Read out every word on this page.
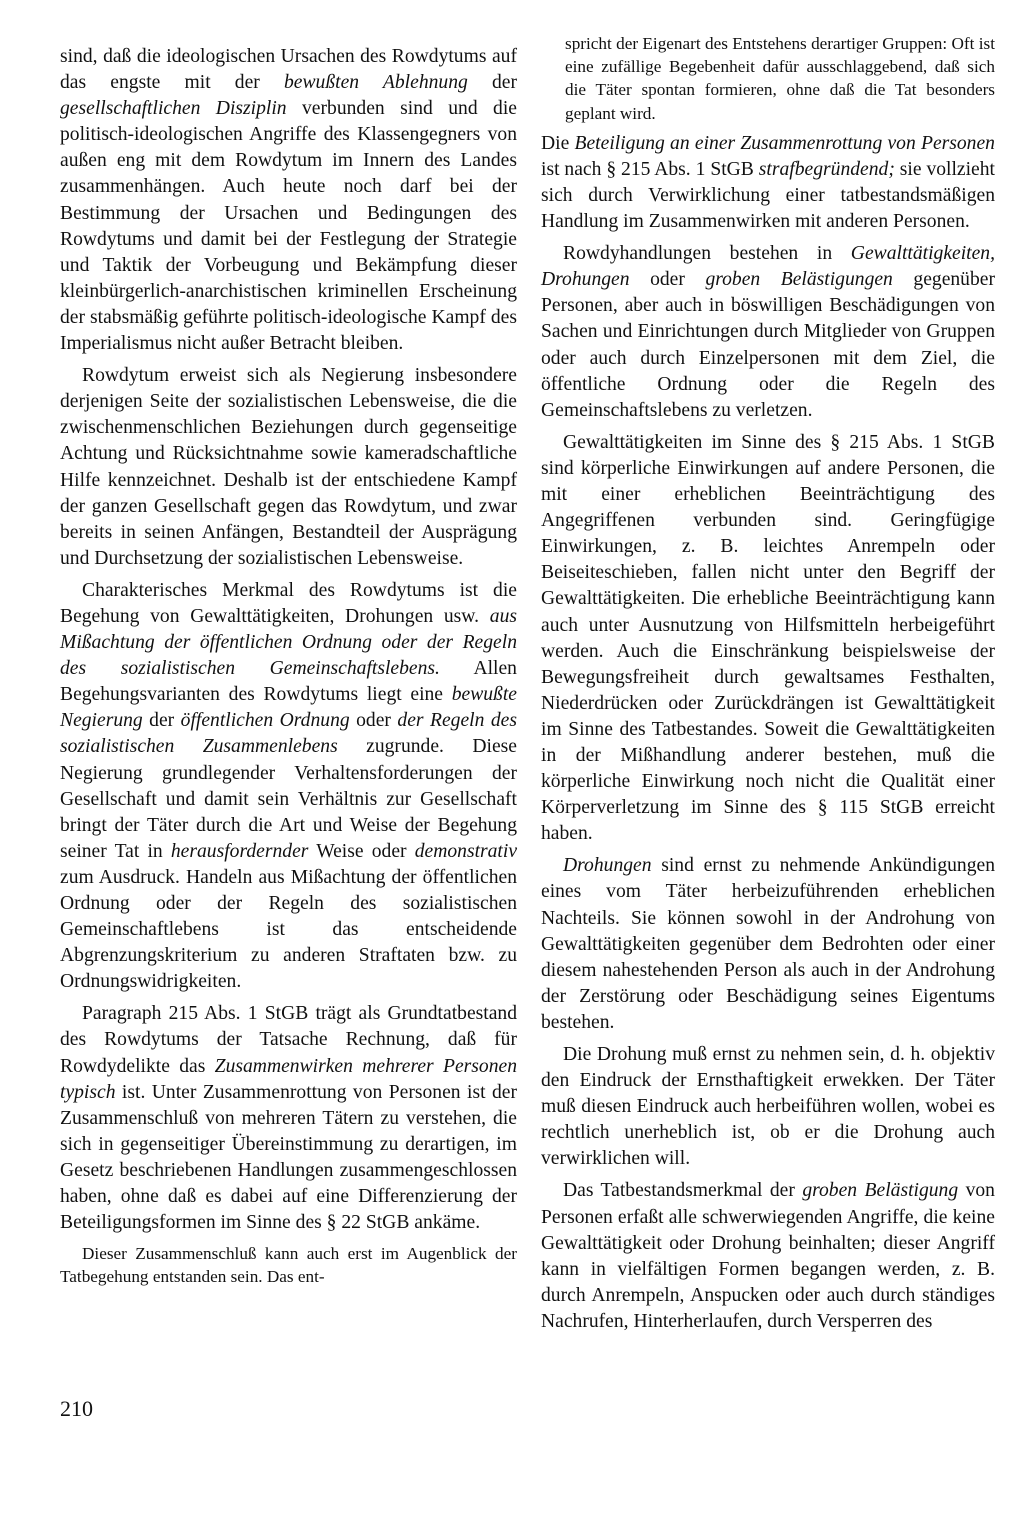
sind, daß die ideologischen Ursachen des Rowdytums auf das engste mit der bewußten Ablehnung der gesellschaftlichen Disziplin verbunden sind und die politisch-ideologischen Angriffe des Klassengegners von außen eng mit dem Rowdytum im Innern des Landes zusammenhängen. Auch heute noch darf bei der Bestimmung der Ursachen und Bedingungen des Rowdytums und damit bei der Festlegung der Strategie und Taktik der Vorbeugung und Bekämpfung dieser kleinbürgerlich-anarchistischen kriminellen Erscheinung der stabsmäßig geführte politisch-ideologische Kampf des Imperialismus nicht außer Betracht bleiben.

Rowdytum erweist sich als Negierung insbesondere derjenigen Seite der sozialistischen Lebensweise, die die zwischenmenschlichen Beziehungen durch gegenseitige Achtung und Rücksichtnahme sowie kameradschaftliche Hilfe kennzeichnet. Deshalb ist der entschiedene Kampf der ganzen Gesellschaft gegen das Rowdytum, und zwar bereits in seinen Anfängen, Bestandteil der Ausprägung und Durchsetzung der sozialistischen Lebensweise.

Charakterisches Merkmal des Rowdytums ist die Begehung von Gewalttätigkeiten, Drohungen usw. aus Mißachtung der öffentlichen Ordnung oder der Regeln des sozialistischen Gemeinschaftslebens. Allen Begehungsvarianten des Rowdytums liegt eine bewußte Negierung der öffentlichen Ordnung oder der Regeln des sozialistischen Zusammenlebens zugrunde. Diese Negierung grundlegender Verhaltensforderungen der Gesellschaft und damit sein Verhältnis zur Gesellschaft bringt der Täter durch die Art und Weise der Begehung seiner Tat in herausfordernder Weise oder demonstrativ zum Ausdruck. Handeln aus Mißachtung der öffentlichen Ordnung oder der Regeln des sozialistischen Gemeinschaftlebens ist das entscheidende Abgrenzungskriterium zu anderen Straftaten bzw. zu Ordnungswidrigkeiten.

Paragraph 215 Abs. 1 StGB trägt als Grundtatbestand des Rowdytums der Tatsache Rechnung, daß für Rowdydelikte das Zusammenwirken mehrerer Personen typisch ist. Unter Zusammenrottung von Personen ist der Zusammenschluß von mehreren Tätern zu verstehen, die sich in gegenseitiger Übereinstimmung zu derartigen, im Gesetz beschriebenen Handlungen zusammengeschlossen haben, ohne daß es dabei auf eine Differenzierung der Beteiligungsformen im Sinne des § 22 StGB ankäme.

Dieser Zusammenschluß kann auch erst im Augenblick der Tatbegehung entstanden sein. Das ent-

spricht der Eigenart des Entstehens derartiger Gruppen: Oft ist eine zufällige Begebenheit dafür ausschlaggebend, daß sich die Täter spontan formieren, ohne daß die Tat besonders geplant wird.

Die Beteiligung an einer Zusammenrottung von Personen ist nach § 215 Abs. 1 StGB strafbegründend; sie vollzieht sich durch Verwirklichung einer tatbestandsmäßigen Handlung im Zusammenwirken mit anderen Personen.

Rowdyhandlungen bestehen in Gewalttätigkeiten, Drohungen oder groben Belästigungen gegenüber Personen, aber auch in böswilligen Beschädigungen von Sachen und Einrichtungen durch Mitglieder von Gruppen oder auch durch Einzelpersonen mit dem Ziel, die öffentliche Ordnung oder die Regeln des Gemeinschaftslebens zu verletzen.

Gewalttätigkeiten im Sinne des § 215 Abs. 1 StGB sind körperliche Einwirkungen auf andere Personen, die mit einer erheblichen Beeinträchtigung des Angegriffenen verbunden sind. Geringfügige Einwirkungen, z. B. leichtes Anrempeln oder Beiseiteschieben, fallen nicht unter den Begriff der Gewalttätigkeiten. Die erhebliche Beeinträchtigung kann auch unter Ausnutzung von Hilfsmitteln herbeigeführt werden. Auch die Einschränkung beispielsweise der Bewegungsfreiheit durch gewaltsames Festhalten, Niederdrücken oder Zurückdrängen ist Gewalttätigkeit im Sinne des Tatbestandes. Soweit die Gewalttätigkeiten in der Mißhandlung anderer bestehen, muß die körperliche Einwirkung noch nicht die Qualität einer Körperverletzung im Sinne des § 115 StGB erreicht haben.

Drohungen sind ernst zu nehmende Ankündigungen eines vom Täter herbeizuführenden erheblichen Nachteils. Sie können sowohl in der Androhung von Gewalttätigkeiten gegenüber dem Bedrohten oder einer diesem nahestehenden Person als auch in der Androhung der Zerstörung oder Beschädigung seines Eigentums bestehen.

Die Drohung muß ernst zu nehmen sein, d. h. objektiv den Eindruck der Ernsthaftigkeit erwekken. Der Täter muß diesen Eindruck auch herbeiführen wollen, wobei es rechtlich unerheblich ist, ob er die Drohung auch verwirklichen will.

Das Tatbestandsmerkmal der groben Belästigung von Personen erfaßt alle schwerwiegenden Angriffe, die keine Gewalttätigkeit oder Drohung beinhalten; dieser Angriff kann in vielfältigen Formen begangen werden, z. B. durch Anrempeln, Anspucken oder auch durch ständiges Nachrufen, Hinterherlaufen, durch Versperren des

210
